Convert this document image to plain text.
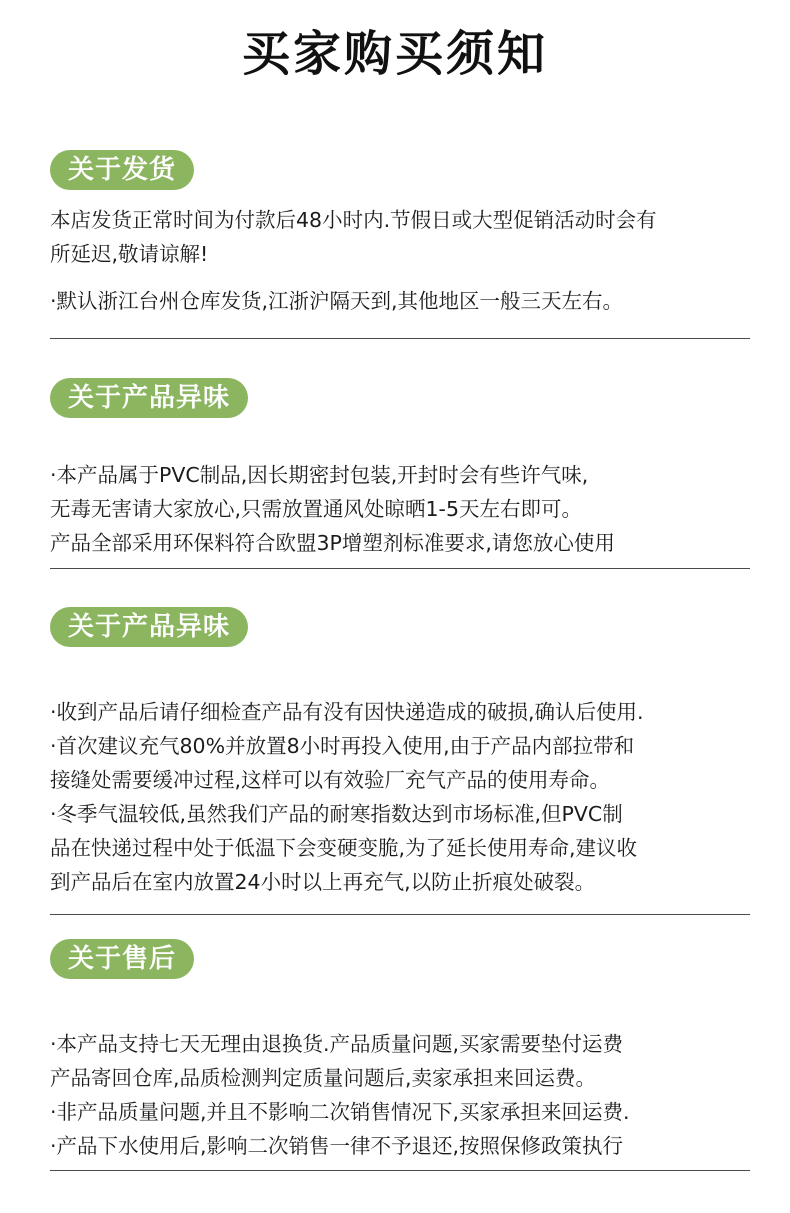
买家购买须知
关于发货
本店发货正常时间为付款后48小时内.节假日或大型促销活动时会有
所延迟,敬请谅解!
·默认浙江台州仓库发货,江浙沪隔天到,其他地区一般三天左右。
关于产品异味
·本产品属于PVC制品,因长期密封包装,开封时会有些许气味,
无毒无害请大家放心,只需放置通风处晾晒1-5天左右即可。
产品全部采用环保料符合欧盟3P增塑剂标准要求,请您放心使用
关于产品异味
·收到产品后请仔细检查产品有没有因快递造成的破损,确认后使用.
·首次建议充气80%并放置8小时再投入使用,由于产品内部拉带和
接缝处需要缓冲过程,这样可以有效验厂充气产品的使用寿命。
·冬季气温较低,虽然我们产品的耐寒指数达到市场标准,但PVC制
品在快递过程中处于低温下会变硬变脆,为了延长使用寿命,建议收
到产品后在室内放置24小时以上再充气,以防止折痕处破裂。
关于售后
·本产品支持七天无理由退换货.产品质量问题,买家需要垫付运费
产品寄回仓库,品质检测判定质量问题后,卖家承担来回运费。
·非产品质量问题,并且不影响二次销售情况下,买家承担来回运费.
·产品下水使用后,影响二次销售一律不予退还,按照保修政策执行
